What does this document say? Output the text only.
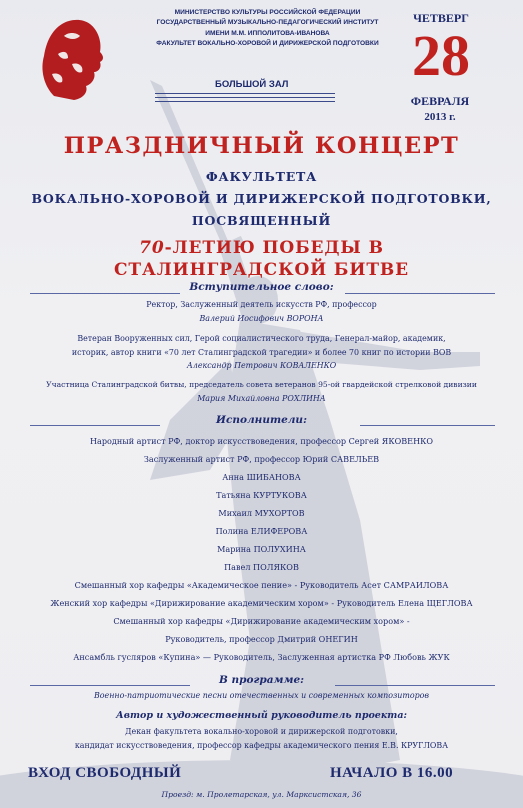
МИНИСТЕРСТВО КУЛЬТУРЫ РОССИЙСКОЙ ФЕДЕРАЦИИ
ГОСУДАРСТВЕННЫЙ МУЗЫКАЛЬНО-ПЕДАГОГИЧЕСКИЙ ИНСТИТУТ
ИМЕНИ М.М. ИППОЛИТОВА-ИВАНОВА
ФАКУЛЬТЕТ ВОКАЛЬНО-ХОРОВОЙ И ДИРИЖЕРСКОЙ ПОДГОТОВКИ
БОЛЬШОЙ ЗАЛ
ЧЕТВЕРГ
28
ФЕВРАЛЯ
2013 г.
ПРАЗДНИЧНЫЙ КОНЦЕРТ
ФАКУЛЬТЕТА
ВОКАЛЬНО-ХОРОВОЙ И ДИРИЖЕРСКОЙ ПОДГОТОВКИ,
ПОСВЯЩЕННЫЙ
70-ЛЕТИЮ ПОБЕДЫ В
СТАЛИНГРАДСКОЙ БИТВЕ
Вступительное слово:
Ректор, Заслуженный деятель искусств РФ, профессор
Валерий Иосифович ВОРОНА
Ветеран Вооруженных сил, Герой социалистического труда, Генерал-майор, академик,
историк, автор книги «70 лет Сталинградской трагедии» и более 70 книг по истории ВОВ
Александр Петрович КОВАЛЕНКО
Участница Сталинградской битвы, председатель совета ветеранов 95-ой гвардейской стрелковой дивизии
Мария Михайловна РОХЛИНА
Исполнители:
Народный артист РФ, доктор искусствоведения, профессор Сергей ЯКОВЕНКО
Заслуженный артист РФ, профессор Юрий САВЕЛЬЕВ
Анна ШИБАНОВА
Татьяна КУРТУКОВА
Михаил МУХОРТОВ
Полина ЕЛИФЕРОВА
Марина ПОЛУХИНА
Павел ПОЛЯКОВ
Смешанный хор кафедры «Академическое пение» - Руководитель Асет САМРАИЛОВА
Женский хор кафедры «Дирижирование академическим хором» - Руководитель Елена ЩЕГЛОВА
Смешанный хор кафедры «Дирижирование академическим хором» -
Руководитель, профессор Дмитрий ОНЕГИН
Ансамбль гусляров «Купина» — Руководитель, Заслуженная артистка РФ Любовь ЖУК
В программе:
Военно-патриотические песни отечественных и современных композиторов
Автор и художественный руководитель проекта:
Декан факультета вокально-хоровой и дирижерской подготовки,
кандидат искусствоведения, профессор кафедры академического пения Е.В. КРУГЛОВА
ВХОД СВОБОДНЫЙ	НАЧАЛО В 16.00
Проезд: м. Пролетарская, ул. Марксистская, 36
